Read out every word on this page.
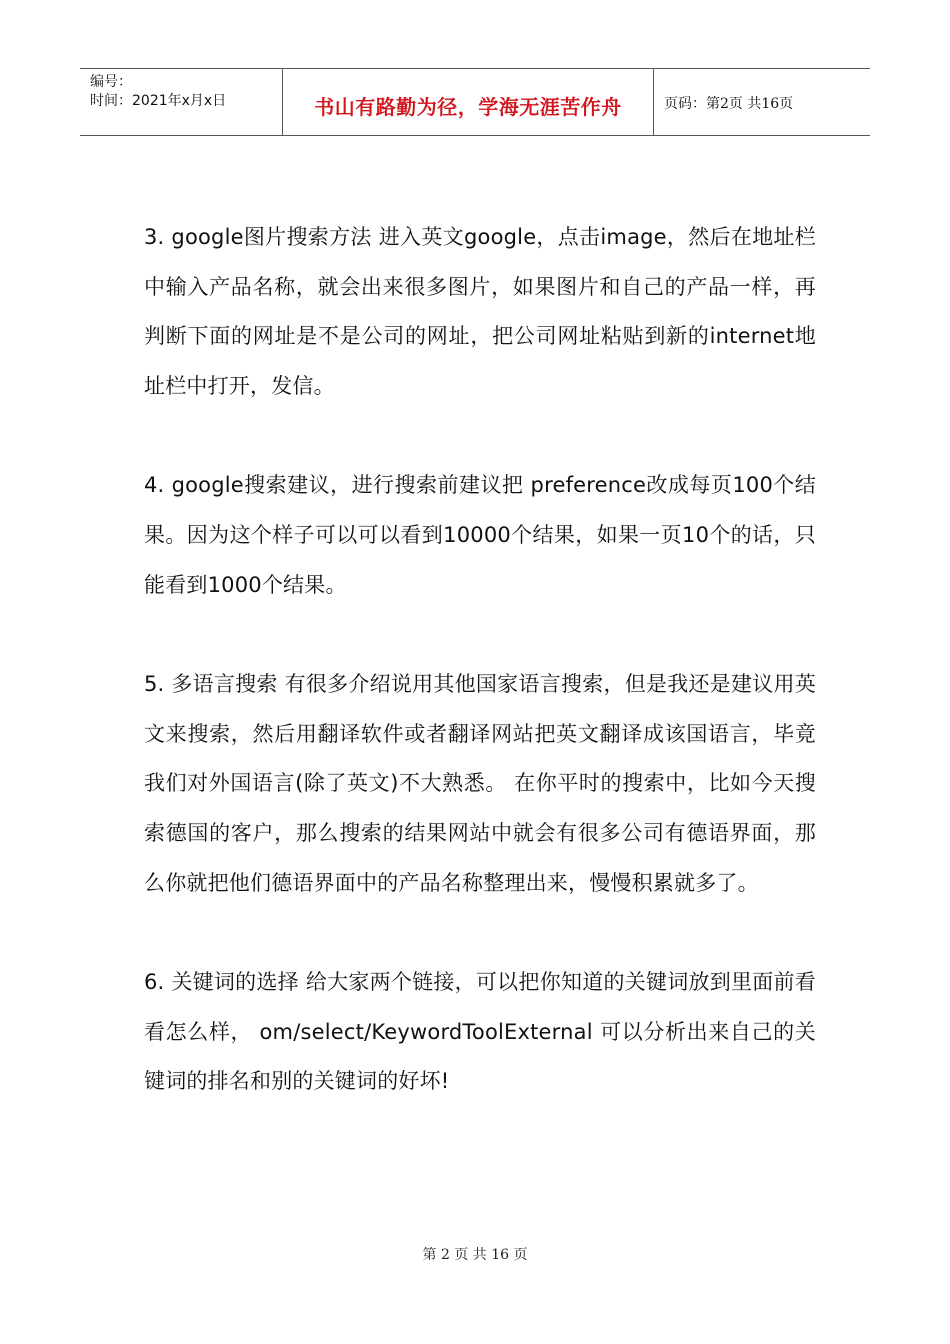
编号：
时间：2021年x月x日	书山有路勤为径，学海无涯苦作舟	页码：第2页 共16页

3. google图片搜索方法 进入英文google，点击image，然后在地址栏中输入产品名称，就会出来很多图片，如果图片和自己的产品一样，再判断下面的网址是不是公司的网址，把公司网址粘贴到新的internet地址栏中打开，发信。

4. google搜索建议，进行搜索前建议把 preference改成每页100个结果。因为这个样子可以可以看到10000个结果，如果一页10个的话，只能看到1000个结果。

5. 多语言搜索 有很多介绍说用其他国家语言搜索，但是我还是建议用英文来搜索，然后用翻译软件或者翻译网站把英文翻译成该国语言，毕竟我们对外国语言(除了英文)不大熟悉。 在你平时的搜索中，比如今天搜索德国的客户，那么搜索的结果网站中就会有很多公司有德语界面，那么你就把他们德语界面中的产品名称整理出来，慢慢积累就多了。

6. 关键词的选择 给大家两个链接，可以把你知道的关键词放到里面前看看怎么样， om/select/KeywordToolExternal 可以分析出来自己的关键词的排名和别的关键词的好坏!

第 2 页 共 16 页
